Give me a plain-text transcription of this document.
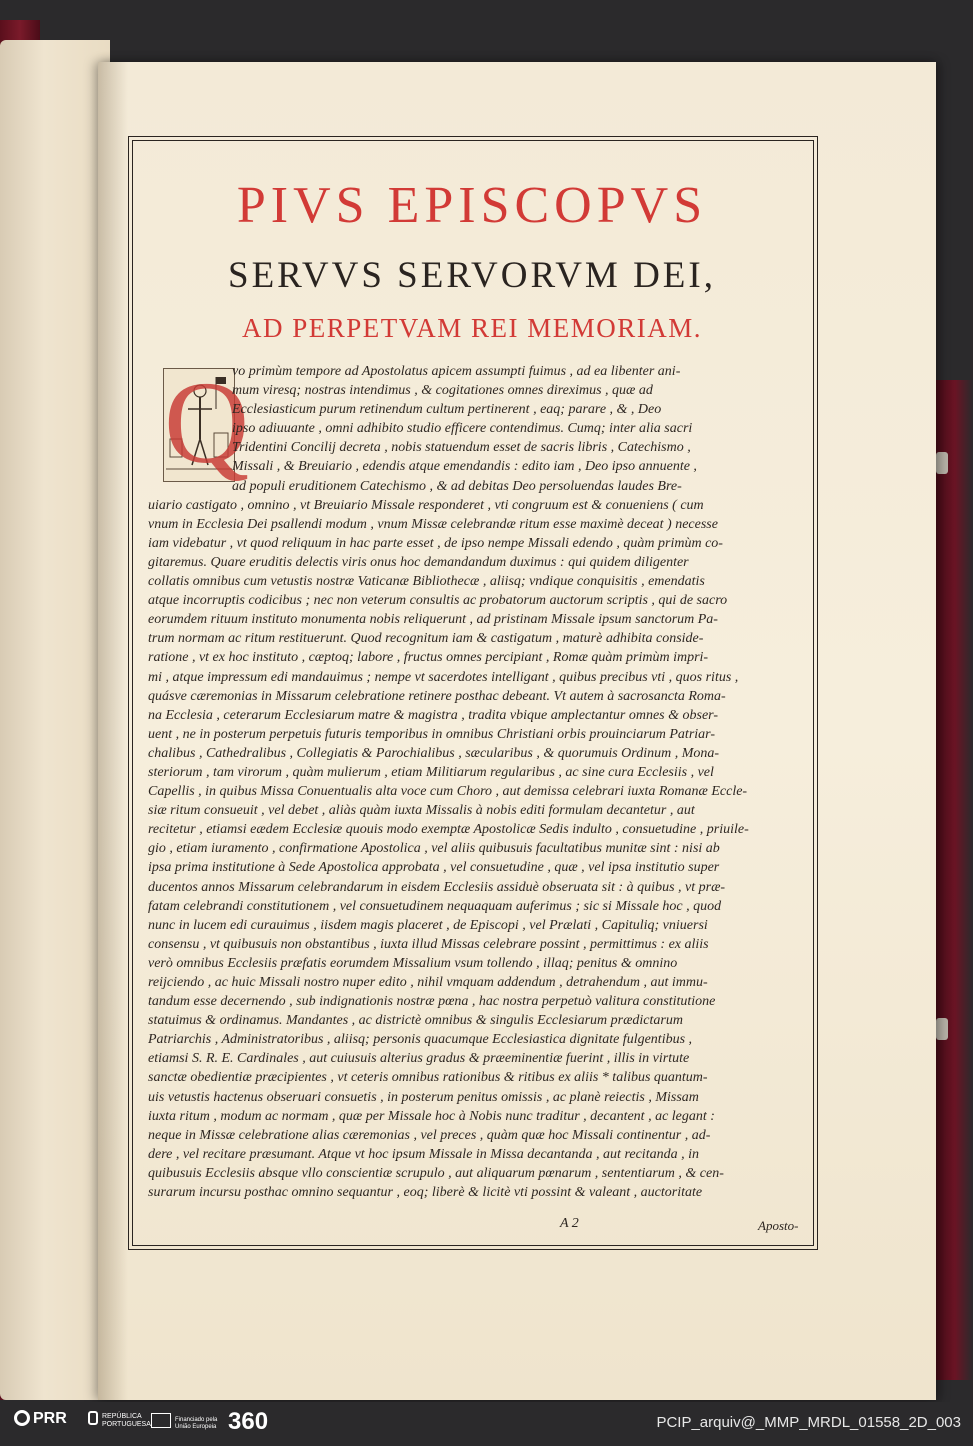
PIVS EPISCOPVS
SERVVS SERVORVM DEI,
AD PERPETVAM REI MEMORIAM.
Q
vo primùm tempore ad Apostolatus apicem assumpti fuimus , ad ea libenter ani-
mum viresq; nostras intendimus , & cogitationes omnes direximus , quæ ad
Ecclesiasticum purum retinendum cultum pertinerent , eaq; parare , & , Deo
ipso adiuuante , omni adhibito studio efficere contendimus. Cumq; inter alia sacri
Tridentini Concilij decreta , nobis statuendum esset de sacris libris , Catechismo ,
Missali , & Breuiario , edendis atque emendandis : edito iam , Deo ipso annuente ,
ad populi eruditionem Catechismo , & ad debitas Deo persoluendas laudes Bre-
uiario castigato , omnino , vt Breuiario Missale responderet , vti congruum est & conueniens ( cum
vnum in Ecclesia Dei psallendi modum , vnum Missæ celebrandæ ritum esse maximè deceat ) necesse
iam videbatur , vt quod reliquum in hac parte esset , de ipso nempe Missali edendo , quàm primùm co-
gitaremus. Quare eruditis delectis viris onus hoc demandandum duximus : qui quidem diligenter
collatis omnibus cum vetustis nostræ Vaticanæ Bibliothecæ , aliisq; vndique conquisitis , emendatis
atque incorruptis codicibus ; nec non veterum consultis ac probatorum auctorum scriptis , qui de sacro
eorumdem rituum instituto monumenta nobis reliquerunt , ad pristinam Missale ipsum sanctorum Pa-
trum normam ac ritum restituerunt. Quod recognitum iam & castigatum , maturè adhibita conside-
ratione , vt ex hoc instituto , cæptoq; labore , fructus omnes percipiant , Romæ quàm primùm impri-
mi , atque impressum edi mandauimus ; nempe vt sacerdotes intelligant , quibus precibus vti , quos ritus ,
quásve cæremonias in Missarum celebratione retinere posthac debeant. Vt autem à sacrosancta Roma-
na Ecclesia , ceterarum Ecclesiarum matre & magistra , tradita vbique amplectantur omnes & obser-
uent , ne in posterum perpetuis futuris temporibus in omnibus Christiani orbis prouinciarum Patriar-
chalibus , Cathedralibus , Collegiatis & Parochialibus , sæcularibus , & quorumuis Ordinum , Mona-
steriorum , tam virorum , quàm mulierum , etiam Militiarum regularibus , ac sine cura Ecclesiis , vel
Capellis , in quibus Missa Conuentualis alta voce cum Choro , aut demissa celebrari iuxta Romanæ Eccle-
siæ ritum consueuit , vel debet , aliàs quàm iuxta Missalis à nobis editi formulam decantetur , aut
recitetur , etiamsi eædem Ecclesiæ quouis modo exemptæ Apostolicæ Sedis indulto , consuetudine , priuile-
gio , etiam iuramento , confirmatione Apostolica , vel aliis quibusuis facultatibus munitæ sint : nisi ab
ipsa prima institutione à Sede Apostolica approbata , vel consuetudine , quæ , vel ipsa institutio super
ducentos annos Missarum celebrandarum in eisdem Ecclesiis assiduè obseruata sit : à quibus , vt præ-
fatam celebrandi constitutionem , vel consuetudinem nequaquam auferimus ; sic si Missale hoc , quod
nunc in lucem edi curauimus , iisdem magis placeret , de Episcopi , vel Prælati , Capituliq; vniuersi
consensu , vt quibusuis non obstantibus , iuxta illud Missas celebrare possint , permittimus : ex aliis
verò omnibus Ecclesiis præfatis eorumdem Missalium vsum tollendo , illaq; penitus & omnino
reijciendo , ac huic Missali nostro nuper edito , nihil vmquam addendum , detrahendum , aut immu-
tandum esse decernendo , sub indignationis nostræ pœna , hac nostra perpetuò valitura constitutione
statuimus & ordinamus. Mandantes , ac districtè omnibus & singulis Ecclesiarum prædictarum
Patriarchis , Administratoribus , aliisq; personis quacumque Ecclesiastica dignitate fulgentibus ,
etiamsi S. R. E. Cardinales , aut cuiusuis alterius gradus & præeminentiæ fuerint , illis in virtute
sanctæ obedientiæ præcipientes , vt ceteris omnibus rationibus & ritibus ex aliis * talibus quantum-
uis vetustis hactenus obseruari consuetis , in posterum penitus omissis , ac planè reiectis , Missam
iuxta ritum , modum ac normam , quæ per Missale hoc à Nobis nunc traditur , decantent , ac legant :
neque in Missæ celebratione alias cæremonias , vel preces , quàm quæ hoc Missali continentur , ad-
dere , vel recitare præsumant. Atque vt hoc ipsum Missale in Missa decantanda , aut recitanda , in
quibusuis Ecclesiis absque vllo conscientiæ scrupulo , aut aliquarum pœnarum , sententiarum , & cen-
surarum incursu posthac omnino sequantur , eoq; liberè & licitè vti possint & valeant , auctoritate
A 2	Aposto-
PRR	REPÚBLICA PORTUGUESA
Financiado pela União Europeia 360	PCIP_arquiv@_MMP_MRDL_01558_2D_003
